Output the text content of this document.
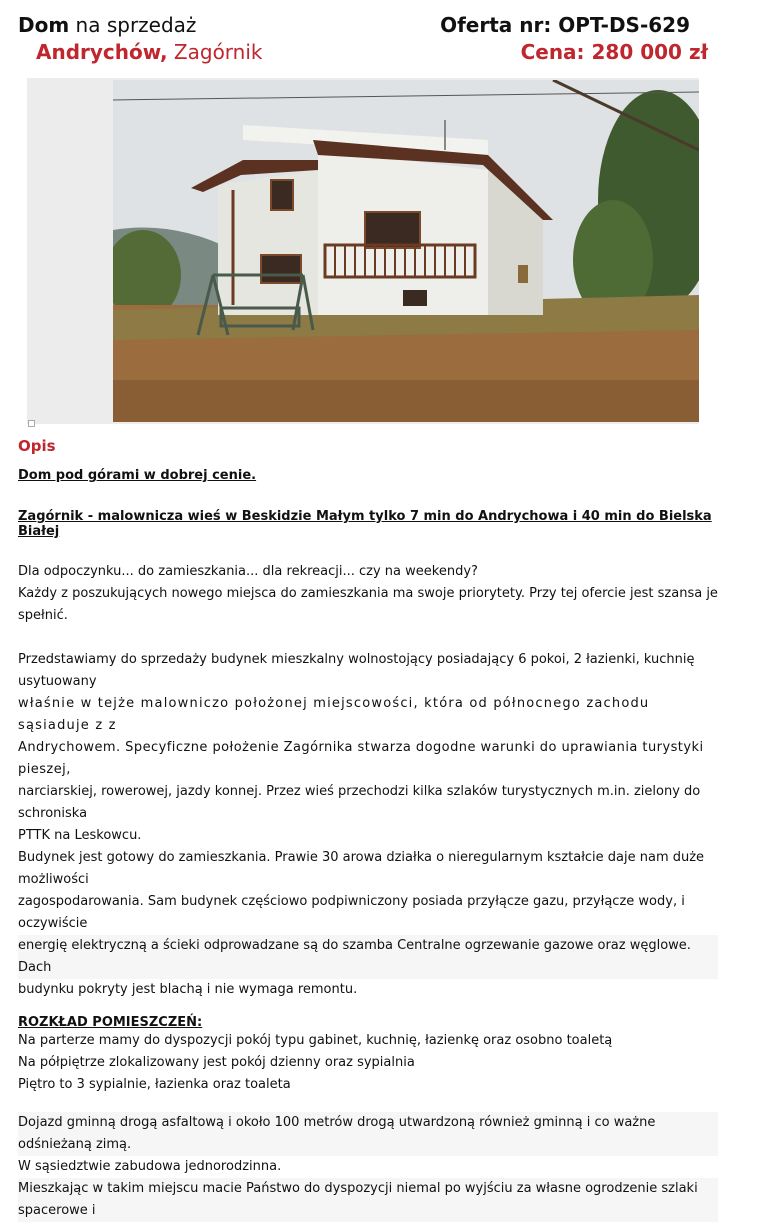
Dom na sprzedaż
Andrychów, Zagórnik
Oferta nr: OPT-DS-629
Cena: 280 000 zł
Opis
Dom pod górami w dobrej cenie.
Zagórnik - malownicza wieś w Beskidzie Małym tylko 7 min do Andrychowa i 40 min do Bielska Białej
Dla odpoczynku... do zamieszkania... dla rekreacji... czy na weekendy?
Każdy z poszukujących nowego miejsca do zamieszkania ma swoje priorytety. Przy tej ofercie jest szansa je spełnić.
Przedstawiamy do sprzedaży budynek mieszkalny wolnostojący posiadający 6 pokoi, 2 łazienki, kuchnię usytuowany
właśnie w tejże malowniczo położonej miejscowości, która od północnego zachodu sąsiaduje z z
Andrychowem. Specyficzne położenie Zagórnika stwarza dogodne warunki do uprawiania turystyki pieszej,
narciarskiej, rowerowej, jazdy konnej. Przez wieś przechodzi kilka szlaków turystycznych m.in. zielony do schroniska
PTTK na Leskowcu.
Budynek jest gotowy do zamieszkania. Prawie 30 arowa działka o nieregularnym kształcie daje nam duże możliwości
zagospodarowania. Sam budynek częściowo podpiwniczony posiada przyłącze gazu, przyłącze wody, i oczywiście
energię elektryczną a ścieki odprowadzane są do szamba Centralne ogrzewanie gazowe oraz węglowe. Dach
budynku pokryty jest blachą i nie wymaga remontu.
ROZKŁAD POMIESZCZEŃ:
Na parterze mamy do dyspozycji pokój typu gabinet, kuchnię, łazienkę oraz osobno toaletą
Na półpiętrze zlokalizowany jest pokój dzienny oraz sypialnia
Piętro to 3 sypialnie, łazienka oraz toaleta
Dojazd gminną drogą asfaltową i około 100 metrów drogą utwardzoną również gminną i co ważne odśnieżaną zimą.
W sąsiedztwie zabudowa jednorodzinna.
Mieszkając w takim miejscu macie Państwo do dyspozycji niemal po wyjściu za własne ogrodzenie szlaki spacerowe i
